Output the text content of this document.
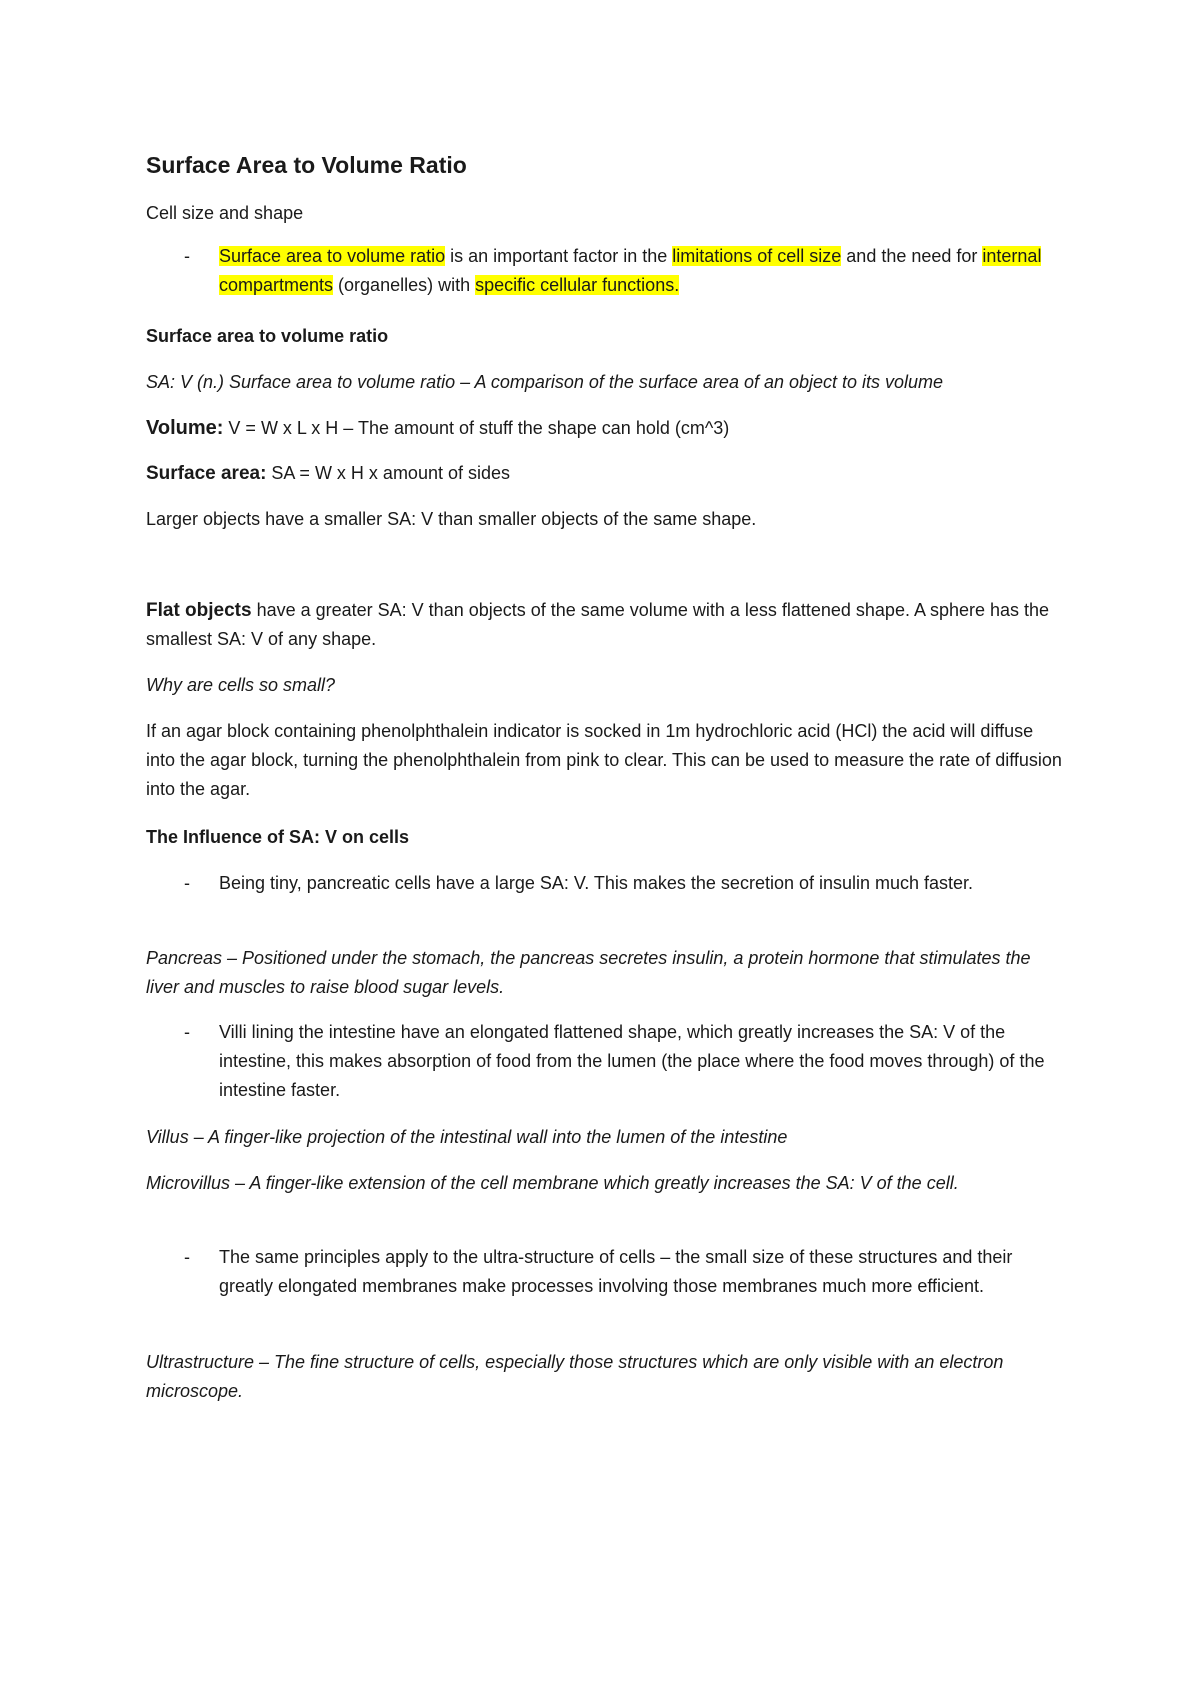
Surface Area to Volume Ratio

Cell size and shape

- Surface area to volume ratio is an important factor in the limitations of cell size and the need for internal compartments (organelles) with specific cellular functions.

Surface area to volume ratio

SA: V (n.) Surface area to volume ratio – A comparison of the surface area of an object to its volume

Volume: V = W x L x H – The amount of stuff the shape can hold (cm^3)

Surface area: SA = W x H x amount of sides

Larger objects have a smaller SA: V than smaller objects of the same shape.

Flat objects have a greater SA: V than objects of the same volume with a less flattened shape. A sphere has the smallest SA: V of any shape.

Why are cells so small?

If an agar block containing phenolphthalein indicator is socked in 1m hydrochloric acid (HCl) the acid will diffuse into the agar block, turning the phenolphthalein from pink to clear. This can be used to measure the rate of diffusion into the agar.

The Influence of SA: V on cells

- Being tiny, pancreatic cells have a large SA: V. This makes the secretion of insulin much faster.

Pancreas – Positioned under the stomach, the pancreas secretes insulin, a protein hormone that stimulates the liver and muscles to raise blood sugar levels.

- Villi lining the intestine have an elongated flattened shape, which greatly increases the SA: V of the intestine, this makes absorption of food from the lumen (the place where the food moves through) of the intestine faster.

Villus – A finger-like projection of the intestinal wall into the lumen of the intestine

Microvillus – A finger-like extension of the cell membrane which greatly increases the SA: V of the cell.

- The same principles apply to the ultra-structure of cells – the small size of these structures and their greatly elongated membranes make processes involving those membranes much more efficient.

Ultrastructure – The fine structure of cells, especially those structures which are only visible with an electron microscope.
